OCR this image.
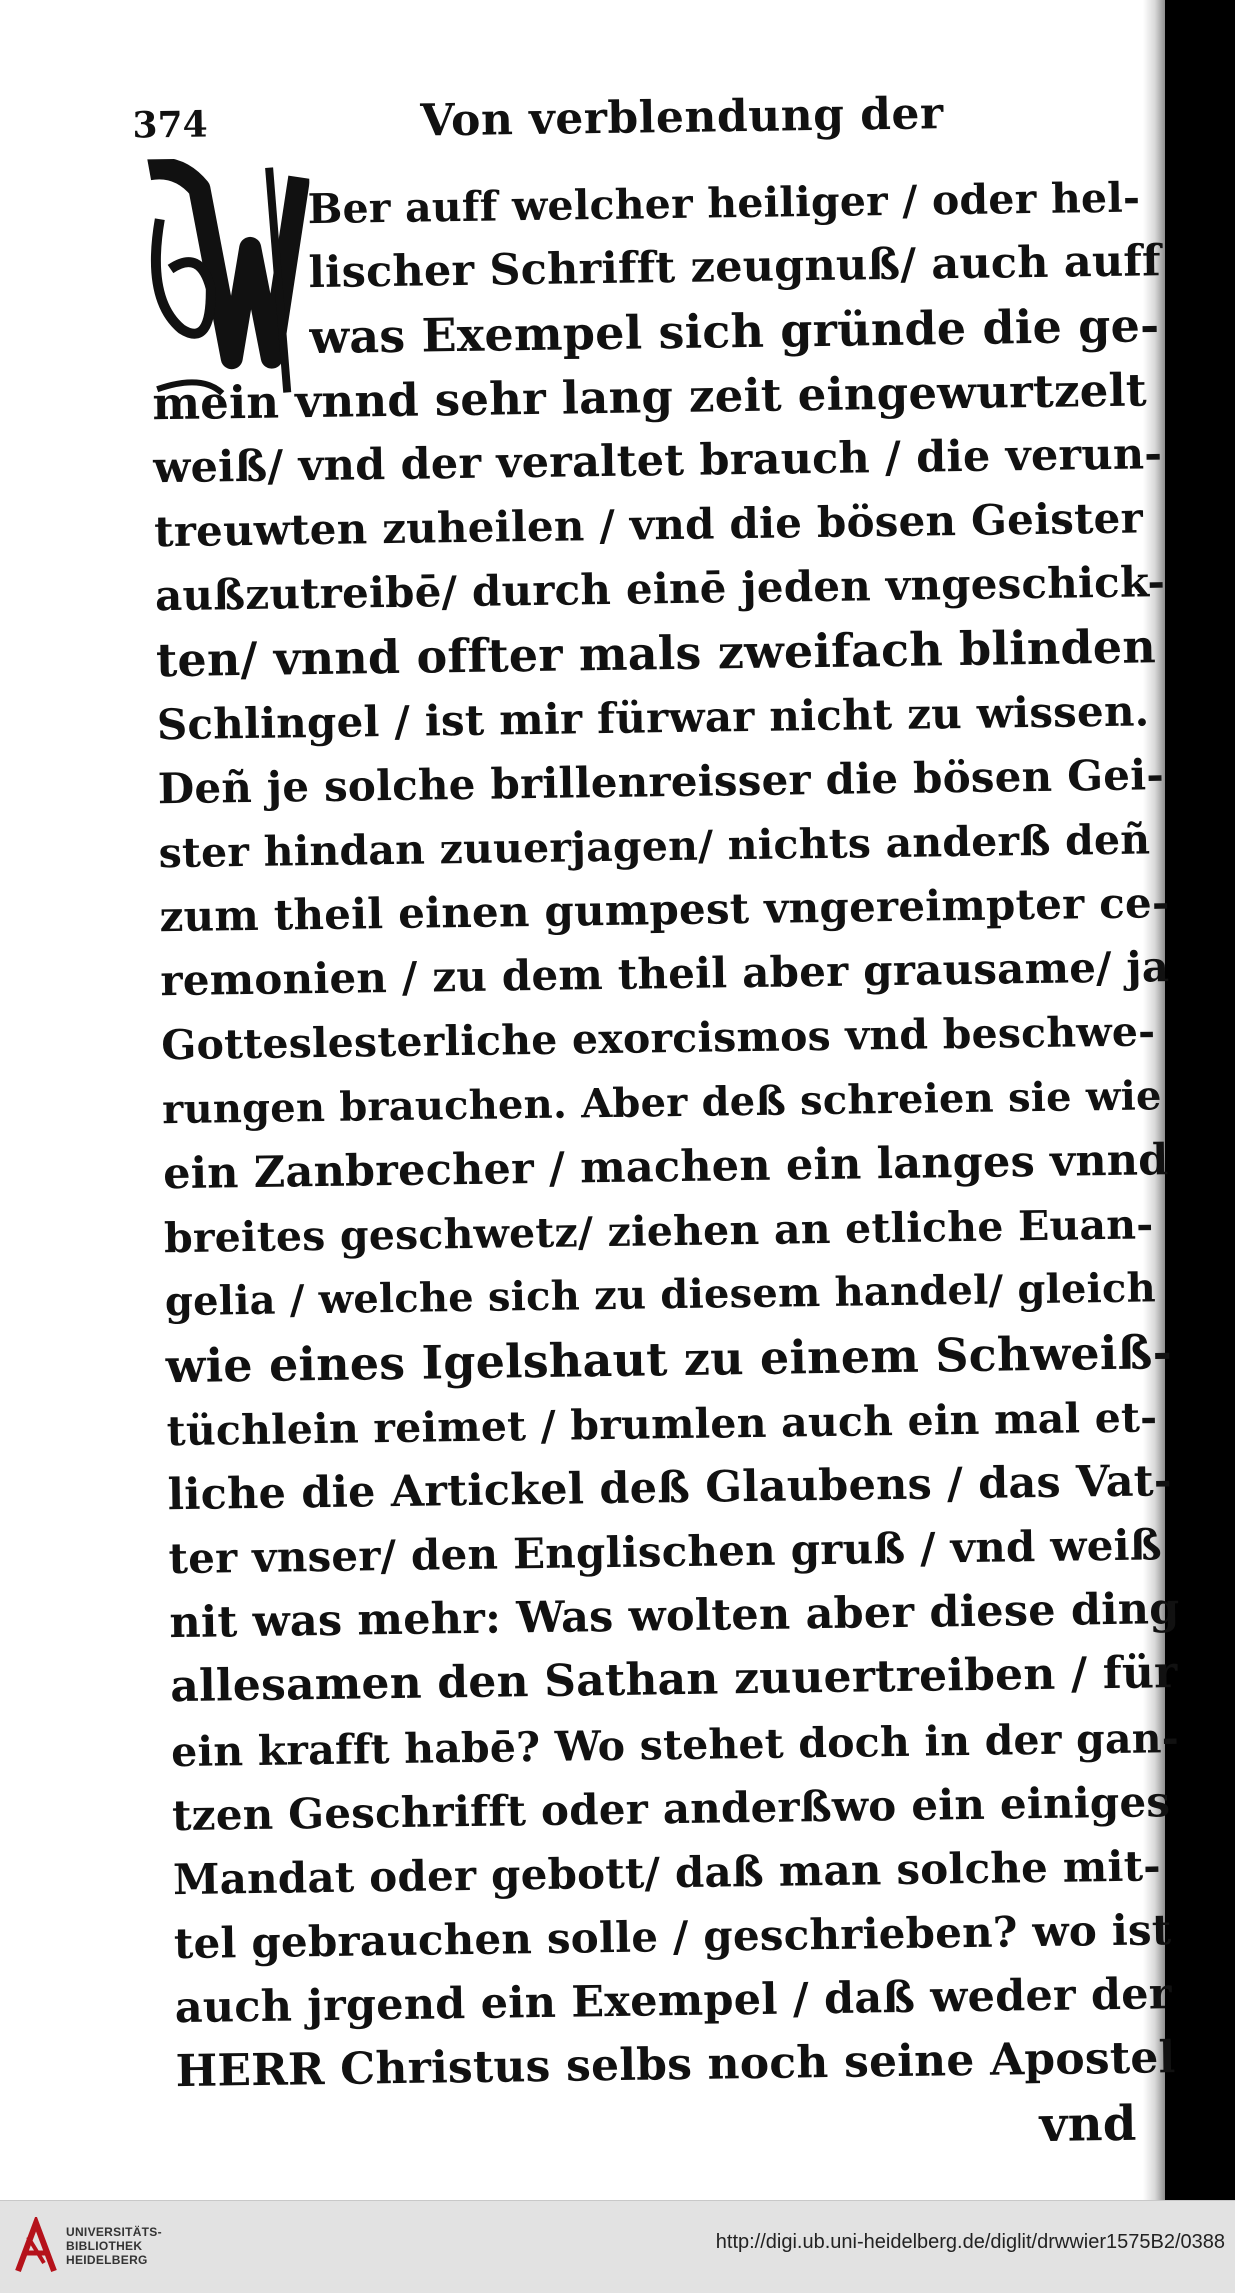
374	Von verblendung der
Ber auff welcher heiliger / oder hel-
lischer Schrifft zeugnuß/ auch auff
was Exempel sich gründe die ge-
mein vnnd sehr lang zeit eingewurtzelt
weiß/ vnd der veraltet brauch / die verun-
treuwten zuheilen / vnd die bösen Geister
außzutreibē/ durch einē jeden vngeschick-
ten/ vnnd offter mals zweifach blinden
Schlingel / ist mir fürwar nicht zu wissen.
Deñ je solche brillenreisser die bösen Gei-
ster hindan zuuerjagen/ nichts anderß deñ
zum theil einen gumpest vngereimpter ce-
remonien / zu dem theil aber grausame/ ja
Gotteslesterliche exorcismos vnd beschwe-
rungen brauchen. Aber deß schreien sie wie
ein Zanbrecher / machen ein langes vnnd
breites geschwetz/ ziehen an etliche Euan-
gelia / welche sich zu diesem handel/ gleich
wie eines Igelshaut zu einem Schweiß-
tüchlein reimet / brumlen auch ein mal et-
liche die Artickel deß Glaubens / das Vat-
ter vnser/ den Englischen gruß / vnd weiß
nit was mehr: Was wolten aber diese ding
allesamen den Sathan zuuertreiben / für
ein krafft habē? Wo stehet doch in der gan-
tzen Geschrifft oder anderßwo ein einiges
Mandat oder gebott/ daß man solche mit-
tel gebrauchen solle / geschrieben? wo ist
auch jrgend ein Exempel / daß weder der
HERR Christus selbs noch seine Apostel
vnd
UNIVERSITÄTS-
BIBLIOTHEK
HEIDELBERG
http://digi.ub.uni-heidelberg.de/diglit/drwwier1575B2/0388
